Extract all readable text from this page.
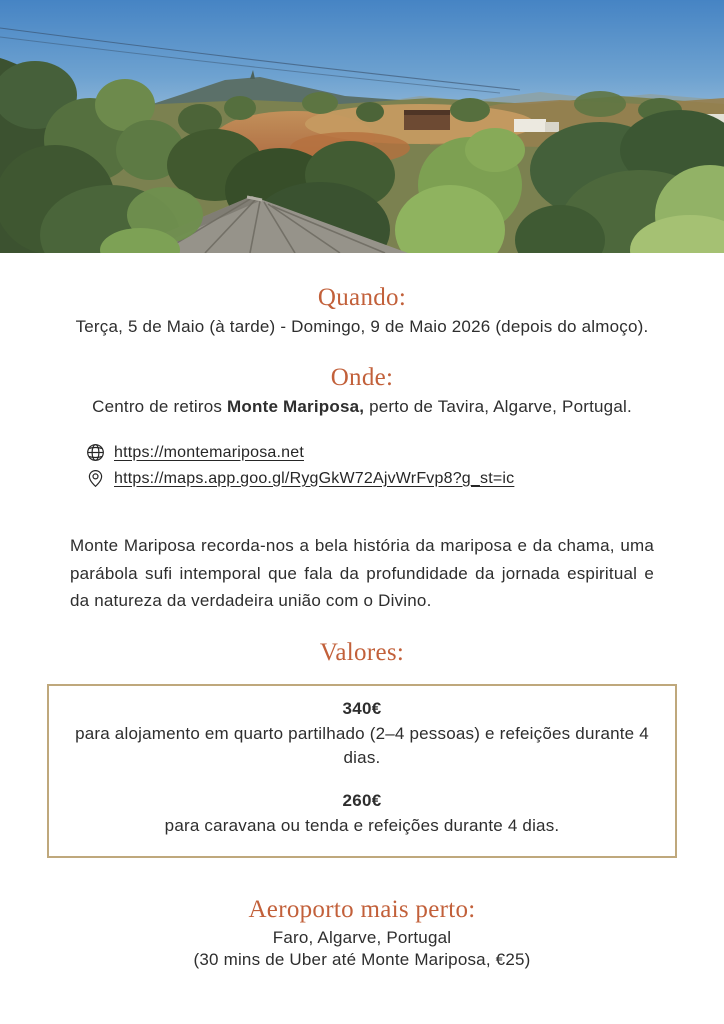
Quando:

Terça, 5 de Maio (à tarde) - Domingo, 9 de Maio 2026 (depois do almoço).

Onde:

Centro de retiros Monte Mariposa, perto de Tavira, Algarve, Portugal.

https://montemariposa.net
https://maps.app.goo.gl/RygGkW72AjvWrFvp8?g_st=ic

Monte Mariposa recorda-nos a bela história da mariposa e da chama, uma parábola sufi intemporal que fala da profundidade da jornada espiritual e da natureza da verdadeira união com o Divino.

Valores:
340€
para alojamento em quarto partilhado (2–4 pessoas) e refeições durante 4 dias.
260€
para caravana ou tenda e refeições durante 4 dias.
Aeroporto mais perto:

Faro, Algarve, Portugal

(30 mins de Uber até Monte Mariposa, €25)
